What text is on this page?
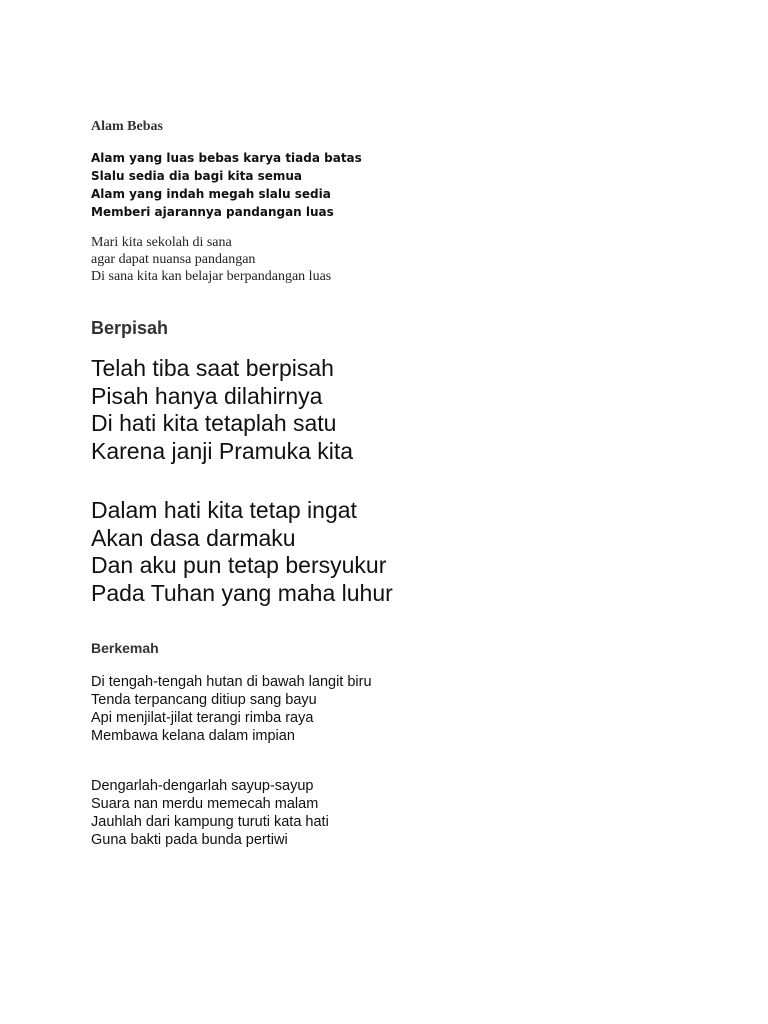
Alam Bebas
Alam yang luas bebas karya tiada batas
Slalu sedia dia bagi kita semua
Alam yang indah megah slalu sedia
Memberi ajarannya pandangan luas
Mari kita sekolah di sana
agar dapat nuansa pandangan
Di sana kita kan belajar berpandangan luas
Berpisah
Telah tiba saat berpisah
Pisah hanya dilahirnya
Di hati kita tetaplah satu
Karena janji Pramuka kita
Dalam hati kita tetap ingat
Akan dasa darmaku
Dan aku pun tetap bersyukur
Pada Tuhan yang maha luhur
Berkemah
Di tengah-tengah hutan di bawah langit biru
Tenda terpancang ditiup sang bayu
Api menjilat-jilat terangi rimba raya
Membawa kelana dalam impian
Dengarlah-dengarlah sayup-sayup
Suara nan merdu memecah malam
Jauhlah dari kampung turuti kata hati
Guna bakti pada bunda pertiwi
